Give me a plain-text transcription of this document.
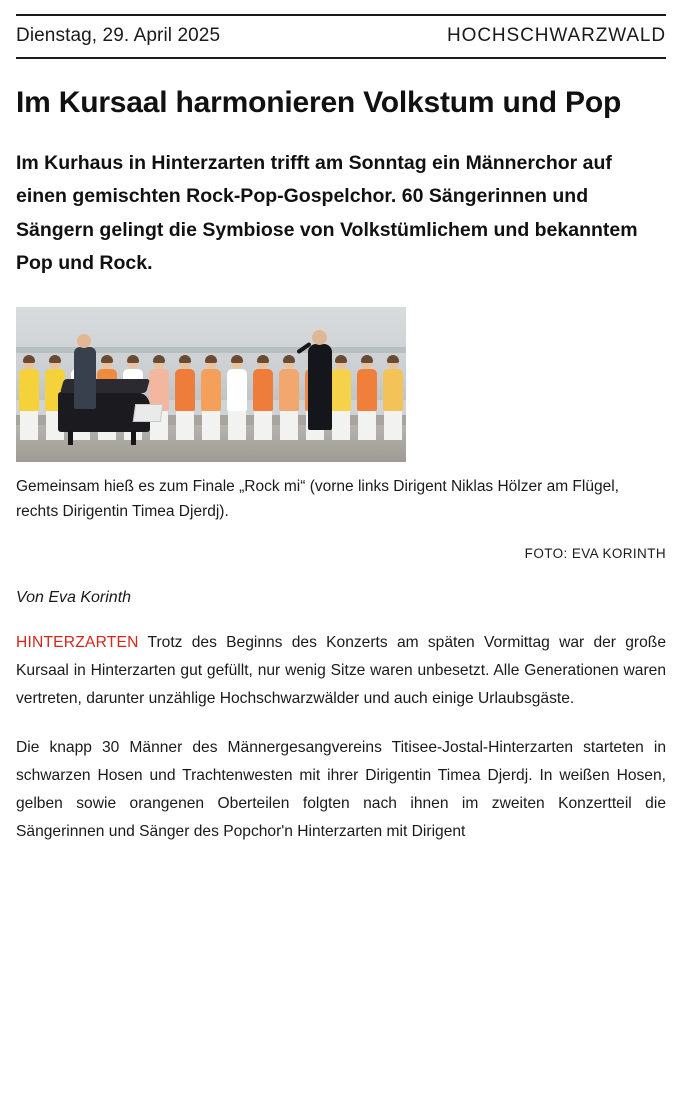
Dienstag, 29. April 2025	HOCHSCHWARZWALD
Im Kursaal harmonieren Volkstum und Pop

Im Kurhaus in Hinterzarten trifft am Sonntag ein Männerchor auf einen gemischten Rock-Pop-Gospelchor. 60 Sängerinnen und Sängern gelingt die Symbiose von Volkstümlichem und bekanntem Pop und Rock.

Gemeinsam hieß es zum Finale „Rock mi“ (vorne links Dirigent Niklas Hölzer am Flügel, rechts Dirigentin Timea Djerdj).

FOTO: EVA KORINTH

Von Eva Korinth

HINTERZARTEN Trotz des Beginns des Konzerts am späten Vormittag war der große Kursaal in Hinterzarten gut gefüllt, nur wenig Sitze waren unbesetzt. Alle Generationen waren vertreten, darunter unzählige Hochschwarzwälder und auch einige Urlaubsgäste.

Die knapp 30 Männer des Männergesangvereins Titisee-Jostal-Hinterzarten starteten in schwarzen Hosen und Trachtenwesten mit ihrer Dirigentin Timea Djerdj. In weißen Hosen, gelben sowie orangenen Oberteilen folgten nach ihnen im zweiten Konzertteil die Sängerinnen und Sänger des Popchor'n Hinterzarten mit Dirigent
